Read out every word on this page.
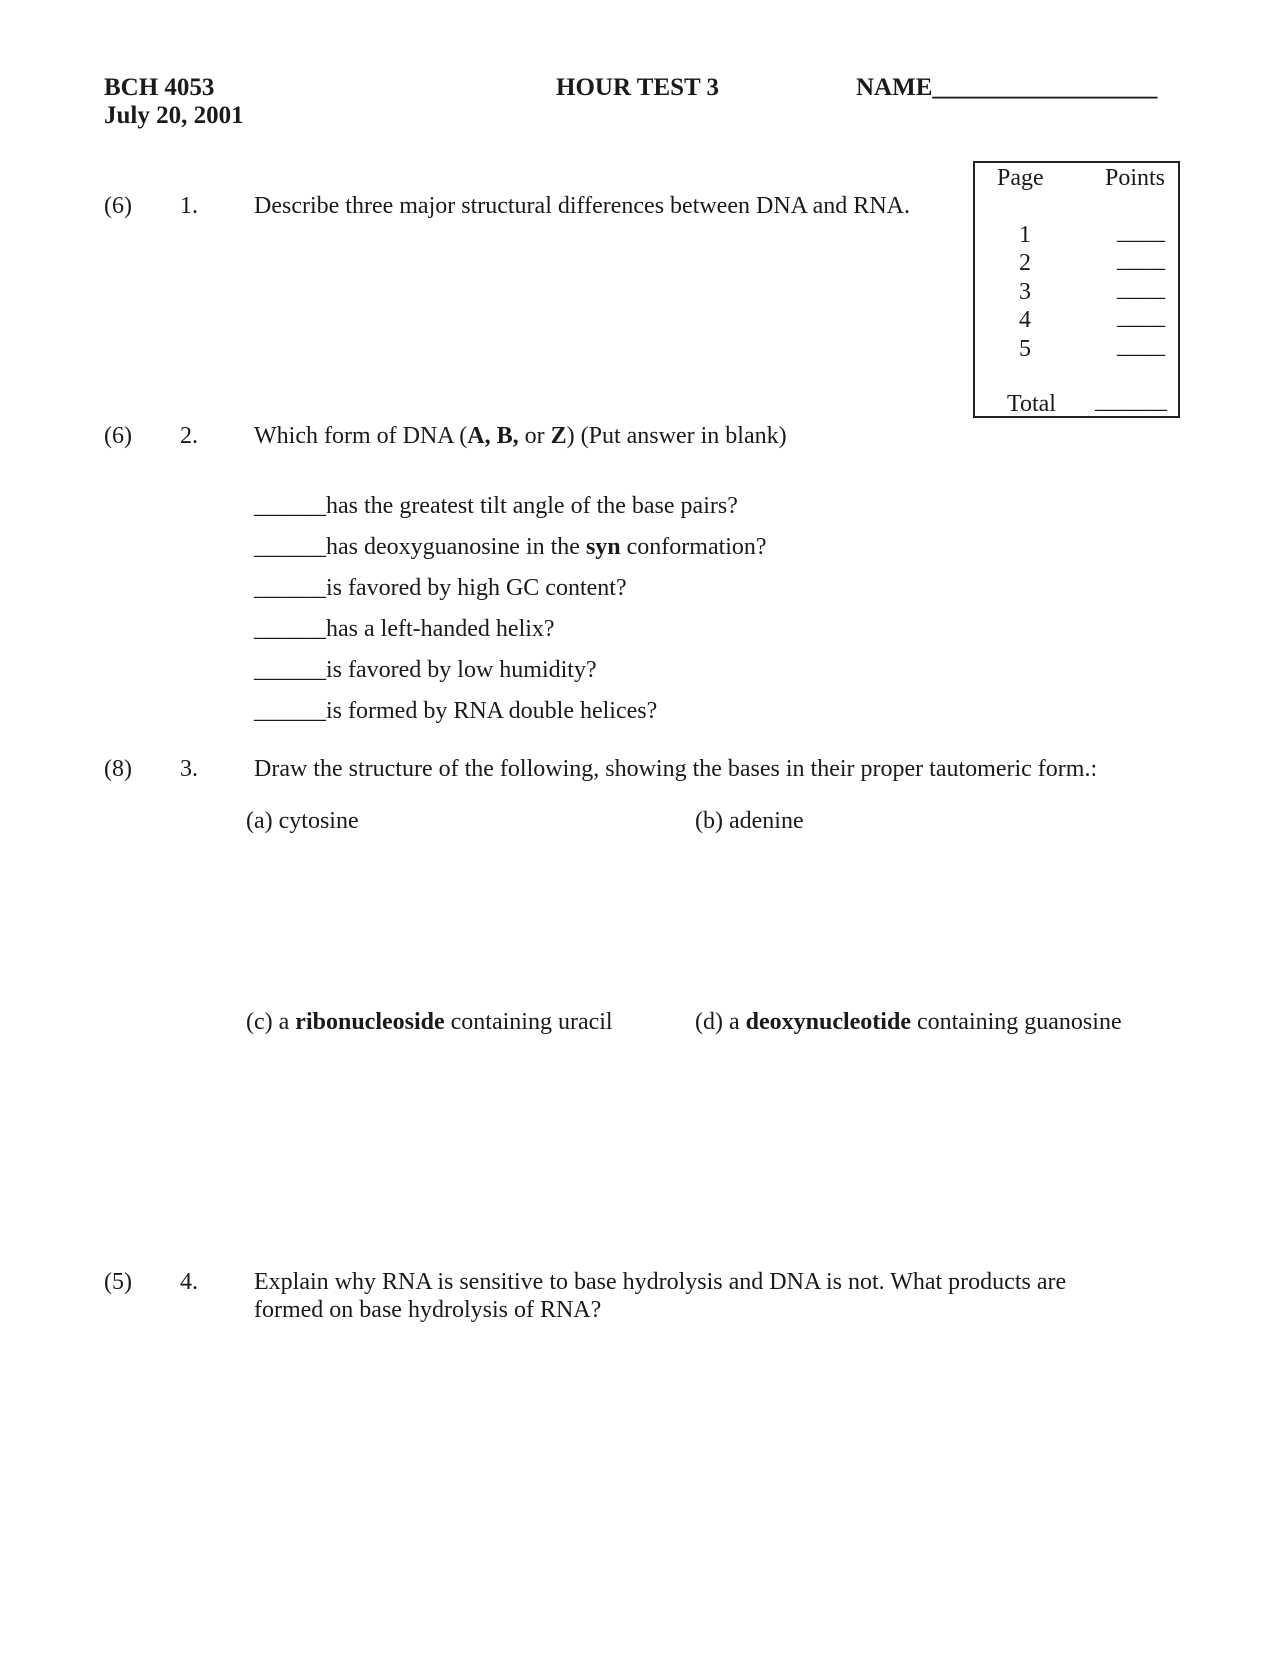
BCH 4053
July 20, 2001
HOUR TEST 3	NAME__________________
Page	Points
1	____
2	____
3	____
4	____
5	____
Total ______
(6) 1. Describe three major structural differences between DNA and RNA.
(6) 2. Which form of DNA (A, B, or Z) (Put answer in blank)
______has the greatest tilt angle of the base pairs?
______has deoxyguanosine in the syn conformation?
______is favored by high GC content?
______has a left-handed helix?
______is favored by low humidity?
______is formed by RNA double helices?
(8) 3. Draw the structure of the following, showing the bases in their proper tautomeric form.:
(a) cytosine	(b) adenine
(c) a ribonucleoside containing uracil	(d) a deoxynucleotide containing guanosine
(5) 4. Explain why RNA is sensitive to base hydrolysis and DNA is not. What products are
formed on base hydrolysis of RNA?
